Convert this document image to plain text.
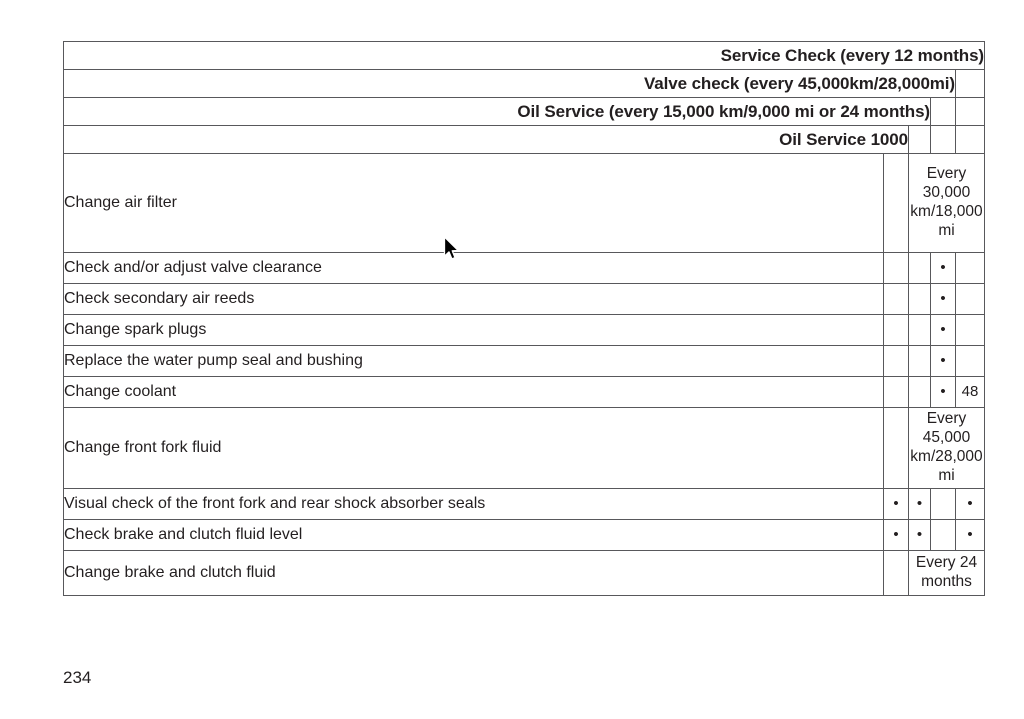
Service Check (every 12 months)				
Valve check (every 45,000km/28,000mi)				
Oil Service (every 15,000 km/9,000 mi or 24 months)				
Oil Service 1000				
Change air filter		Every 30,000 km/18,000 mi		
Check and/or adjust valve clearance			•	
Check secondary air reeds			•	
Change spark plugs			•	
Replace the water pump seal and bushing			•	
Change coolant			•	48
Change front fork fluid		Every 45,000 km/28,000 mi		
Visual check of the front fork and rear shock absorber seals	•	•		•
Check brake and clutch fluid level	•	•		•
Change brake and clutch fluid		Every 24 months		
234
